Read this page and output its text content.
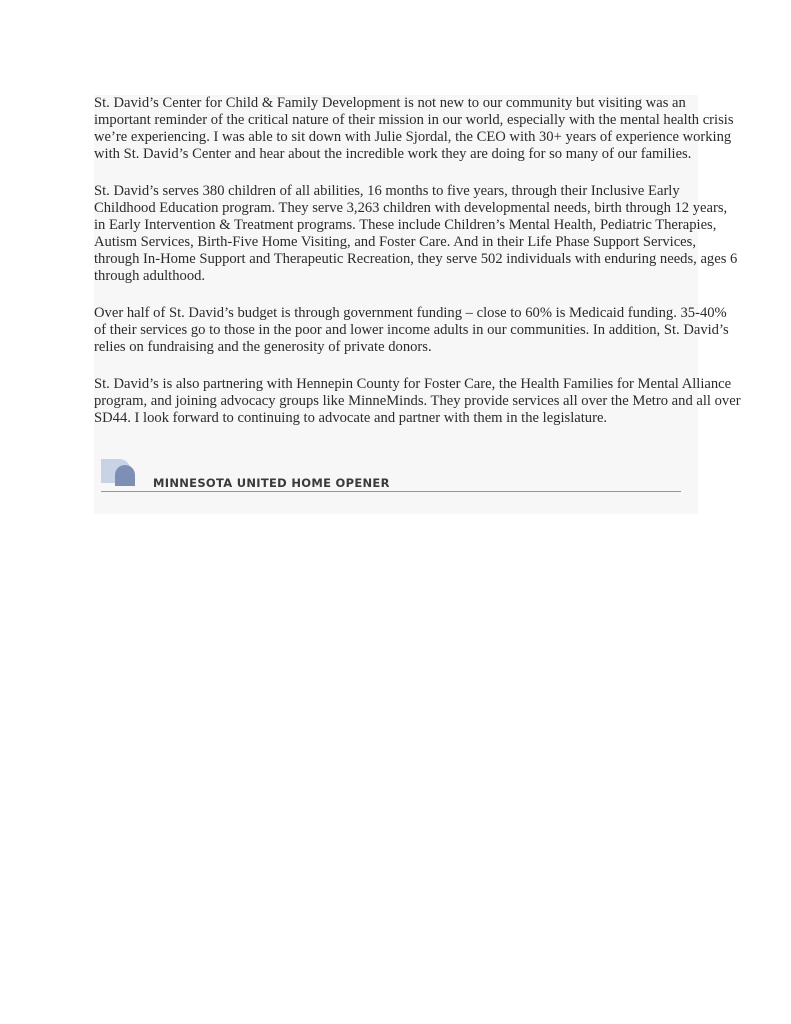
St. David’s Center for Child & Family Development is not new to our community but visiting was an
important reminder of the critical nature of their mission in our world, especially with the mental health crisis
we’re experiencing. I was able to sit down with Julie Sjordal, the CEO with 30+ years of experience working
with St. David’s Center and hear about the incredible work they are doing for so many of our families.

St. David’s serves 380 children of all abilities, 16 months to five years, through their Inclusive Early
Childhood Education program. They serve 3,263 children with developmental needs, birth through 12 years,
in Early Intervention & Treatment programs. These include Children’s Mental Health, Pediatric Therapies,
Autism Services, Birth-Five Home Visiting, and Foster Care. And in their Life Phase Support Services,
through In-Home Support and Therapeutic Recreation, they serve 502 individuals with enduring needs, ages 6
through adulthood.

Over half of St. David’s budget is through government funding – close to 60% is Medicaid funding. 35-40%
of their services go to those in the poor and lower income adults in our communities. In addition, St. David’s
relies on fundraising and the generosity of private donors.

St. David’s is also partnering with Hennepin County for Foster Care, the Health Families for Mental Alliance
program, and joining advocacy groups like MinneMinds. They provide services all over the Metro and all over
SD44. I look forward to continuing to advocate and partner with them in the legislature.

MINNESOTA UNITED HOME OPENER
